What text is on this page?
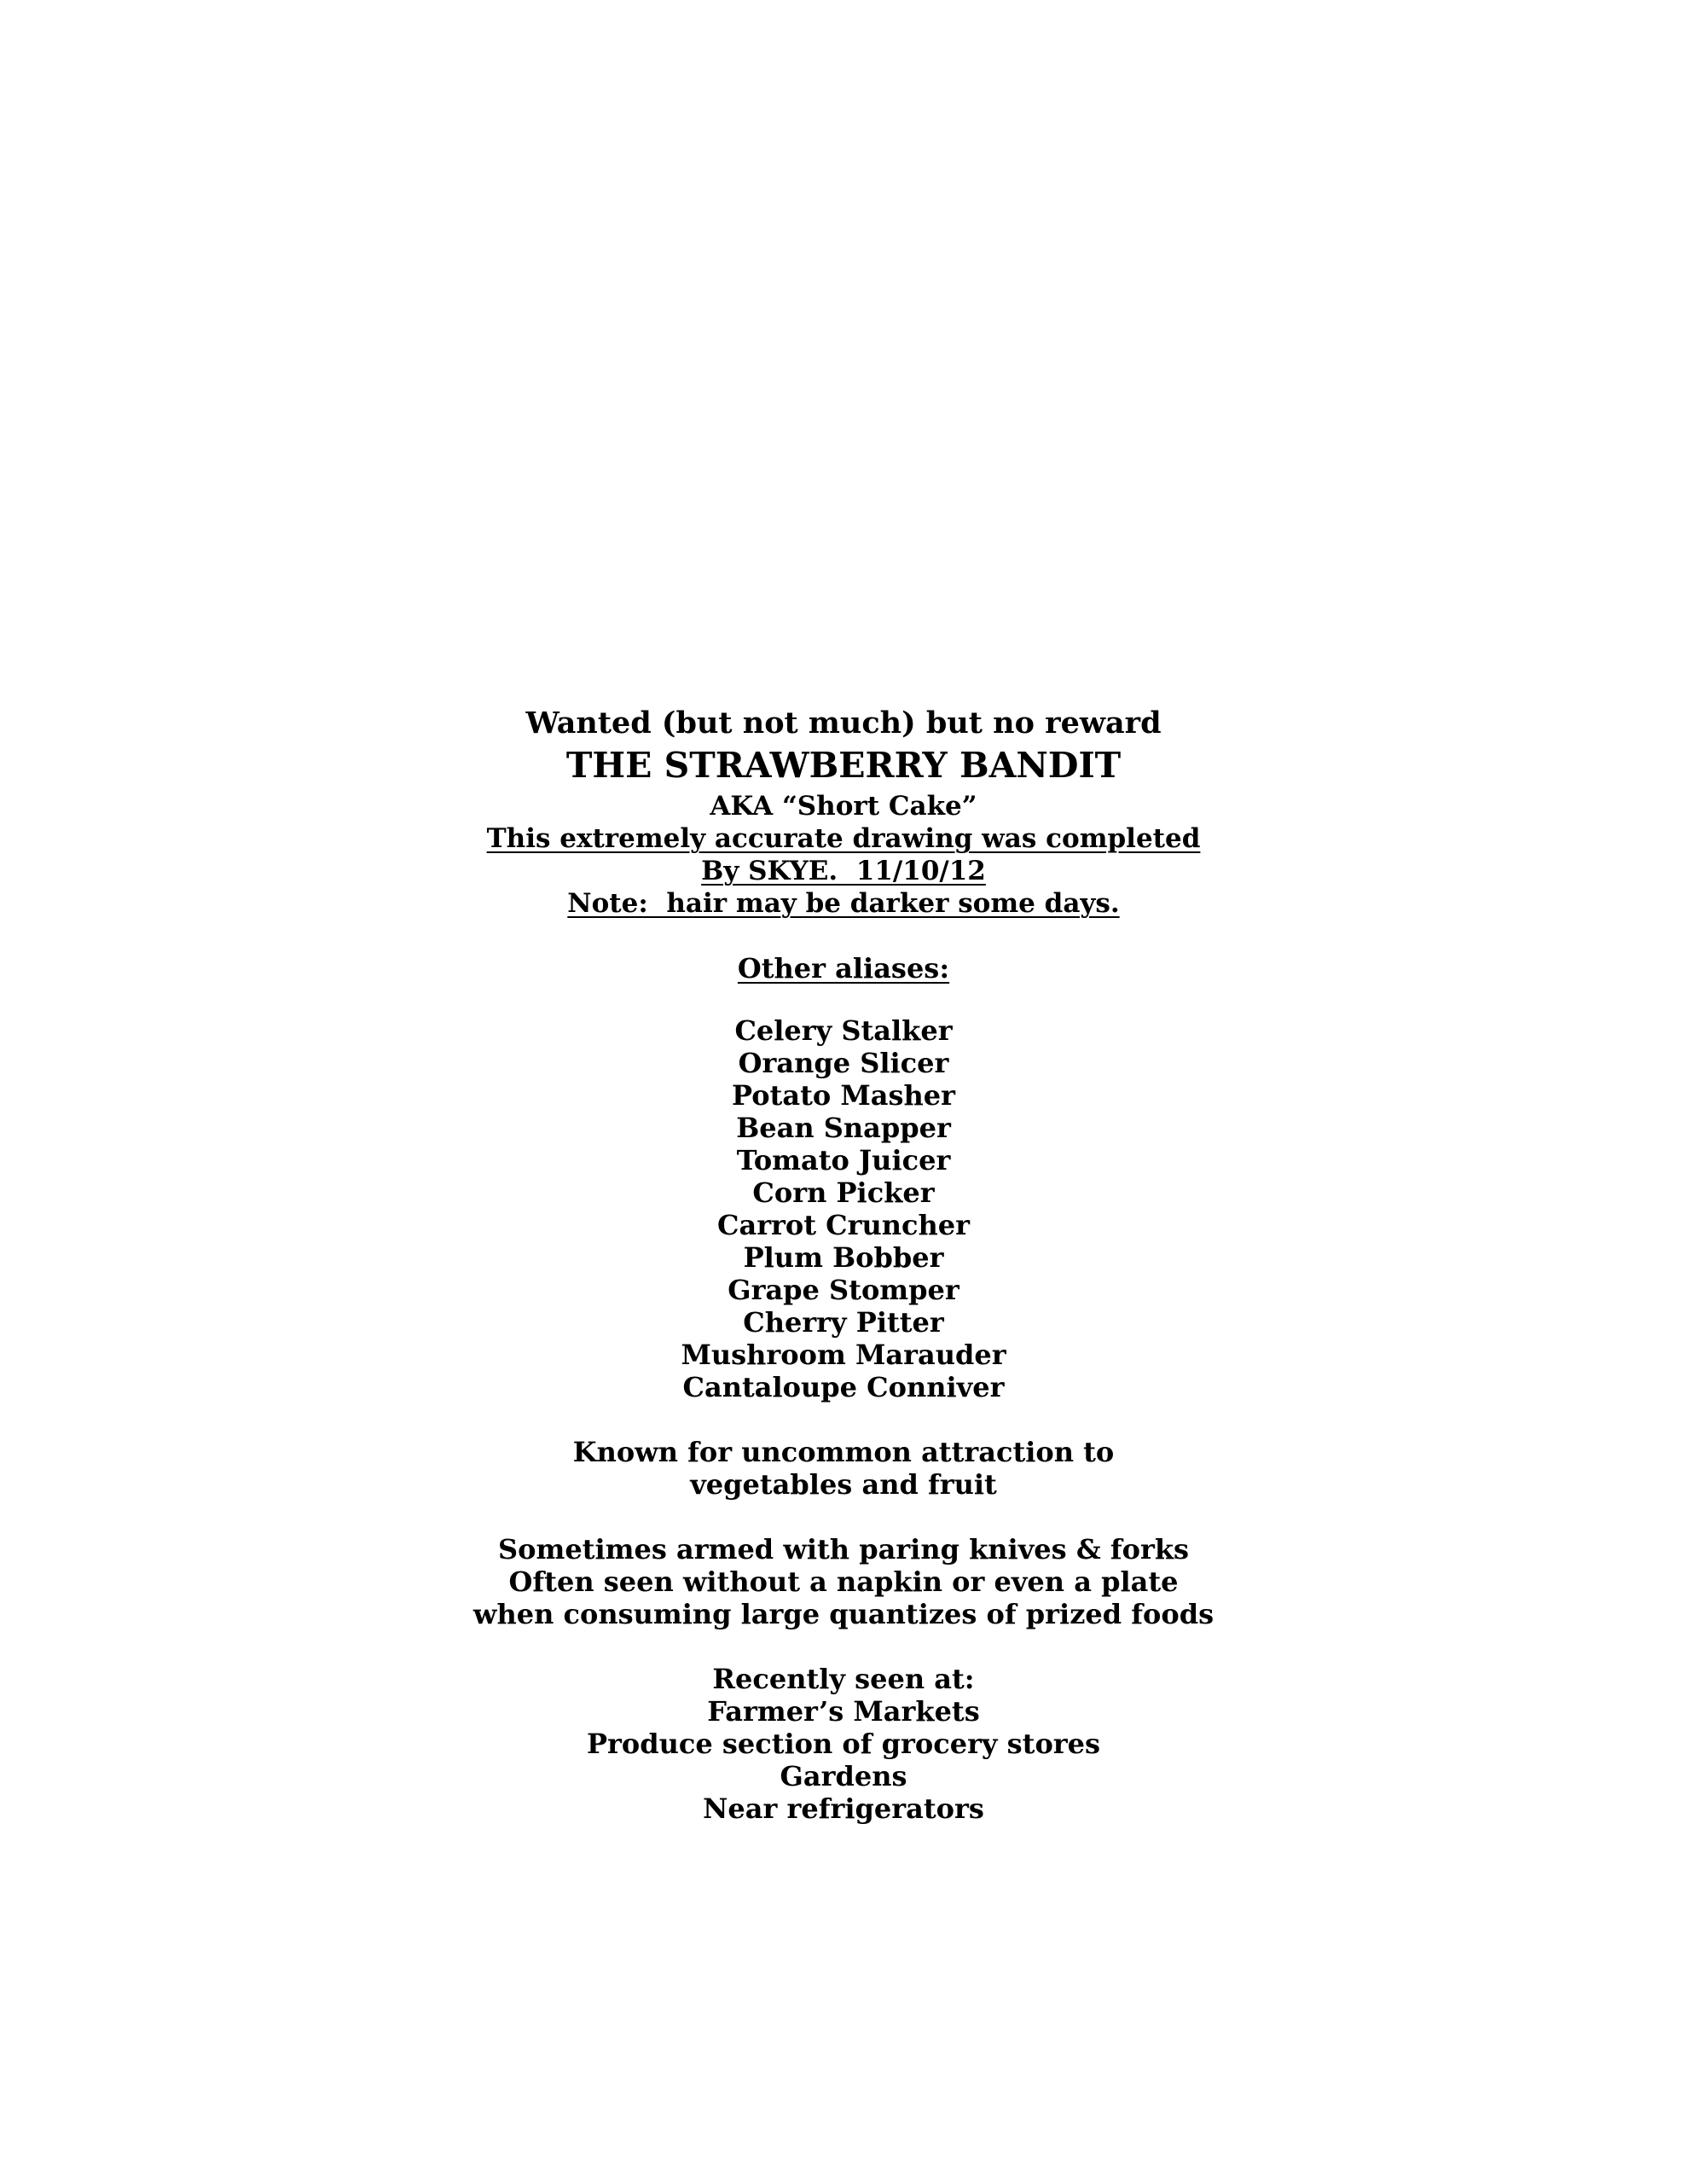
Wanted (but not much) but no reward
THE STRAWBERRY BANDIT
AKA “Short Cake”
This extremely accurate drawing was completed
By SKYE.  11/10/12
Note:  hair may be darker some days.
Other aliases:
Celery Stalker
Orange Slicer
Potato Masher
Bean Snapper
Tomato Juicer
Corn Picker
Carrot Cruncher
Plum Bobber
Grape Stomper
Cherry Pitter
Mushroom Marauder
Cantaloupe Conniver
Known for uncommon attraction to
vegetables and fruit
Sometimes armed with paring knives & forks
Often seen without a napkin or even a plate
when consuming large quantizes of prized foods
Recently seen at:
Farmer’s Markets
Produce section of grocery stores
Gardens
Near refrigerators
